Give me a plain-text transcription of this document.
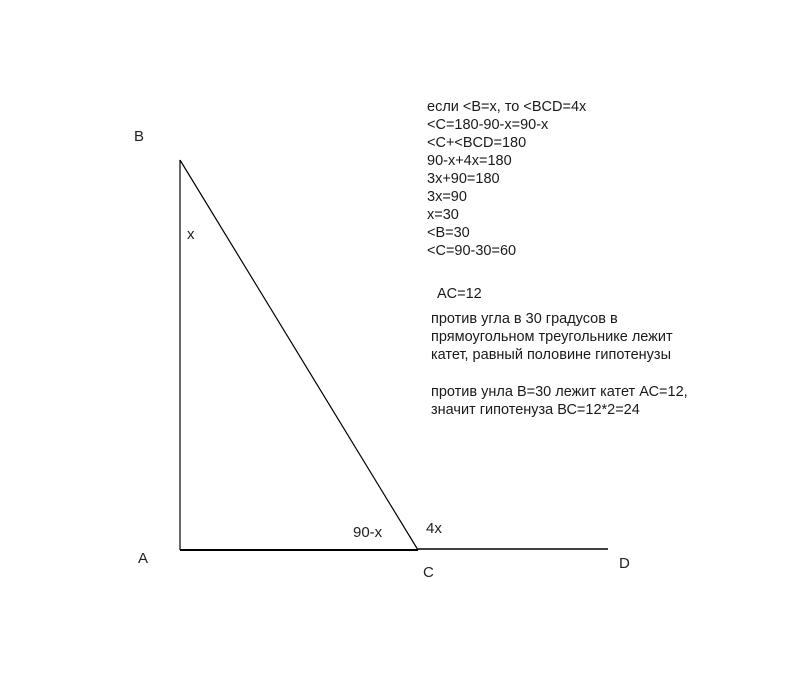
B
A
C
D
x
90-x	4x
если <B=x, то <BCD=4x
<C=180-90-x=90-x
<C+<BCD=180
90-x+4x=180
3x+90=180
3x=90
x=30
<B=30
<C=90-30=60
AC=12
против угла в 30 градусов в
прямоугольном треугольнике лежит
катет, равный половине гипотенузы
против унла В=30 лежит катет АС=12,
значит гипотенуза ВС=12*2=24
